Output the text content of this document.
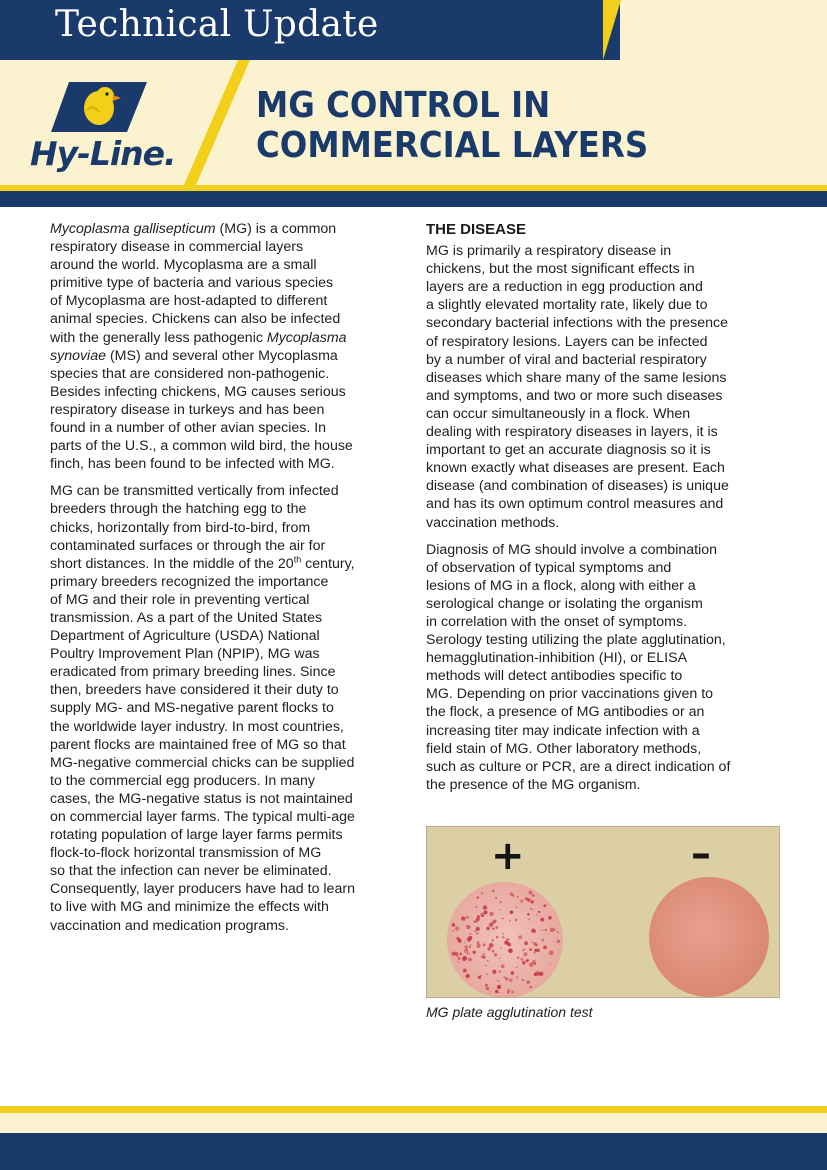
Technical Update
Hy-Line.
MG CONTROL IN
COMMERCIAL LAYERS

Mycoplasma gallisepticum (MG) is a common
respiratory disease in commercial layers
around the world. Mycoplasma are a small
primitive type of bacteria and various species
of Mycoplasma are host-adapted to different
animal species. Chickens can also be infected
with the generally less pathogenic Mycoplasma
synoviae (MS) and several other Mycoplasma
species that are considered non-pathogenic.
Besides infecting chickens, MG causes serious
respiratory disease in turkeys and has been
found in a number of other avian species. In
parts of the U.S., a common wild bird, the house
finch, has been found to be infected with MG.

MG can be transmitted vertically from infected
breeders through the hatching egg to the
chicks, horizontally from bird-to-bird, from
contaminated surfaces or through the air for
short distances. In the middle of the 20th century,
primary breeders recognized the importance
of MG and their role in preventing vertical
transmission. As a part of the United States
Department of Agriculture (USDA) National
Poultry Improvement Plan (NPIP), MG was
eradicated from primary breeding lines. Since
then, breeders have considered it their duty to
supply MG- and MS-negative parent flocks to
the worldwide layer industry. In most countries,
parent flocks are maintained free of MG so that
MG-negative commercial chicks can be supplied
to the commercial egg producers. In many
cases, the MG-negative status is not maintained
on commercial layer farms. The typical multi-age
rotating population of large layer farms permits
flock-to-flock horizontal transmission of MG
so that the infection can never be eliminated.
Consequently, layer producers have had to learn
to live with MG and minimize the effects with
vaccination and medication programs.

THE DISEASE

MG is primarily a respiratory disease in
chickens, but the most significant effects in
layers are a reduction in egg production and
a slightly elevated mortality rate, likely due to
secondary bacterial infections with the presence
of respiratory lesions. Layers can be infected
by a number of viral and bacterial respiratory
diseases which share many of the same lesions
and symptoms, and two or more such diseases
can occur simultaneously in a flock. When
dealing with respiratory diseases in layers, it is
important to get an accurate diagnosis so it is
known exactly what diseases are present. Each
disease (and combination of diseases) is unique
and has its own optimum control measures and
vaccination methods.

Diagnosis of MG should involve a combination
of observation of typical symptoms and
lesions of MG in a flock, along with either a
serological change or isolating the organism
in correlation with the onset of symptoms.
Serology testing utilizing the plate agglutination,
hemagglutination-inhibition (HI), or ELISA
methods will detect antibodies specific to
MG. Depending on prior vaccinations given to
the flock, a presence of MG antibodies or an
increasing titer may indicate infection with a
field stain of MG. Other laboratory methods,
such as culture or PCR, are a direct indication of
the presence of the MG organism.

+	–
MG plate agglutination test
